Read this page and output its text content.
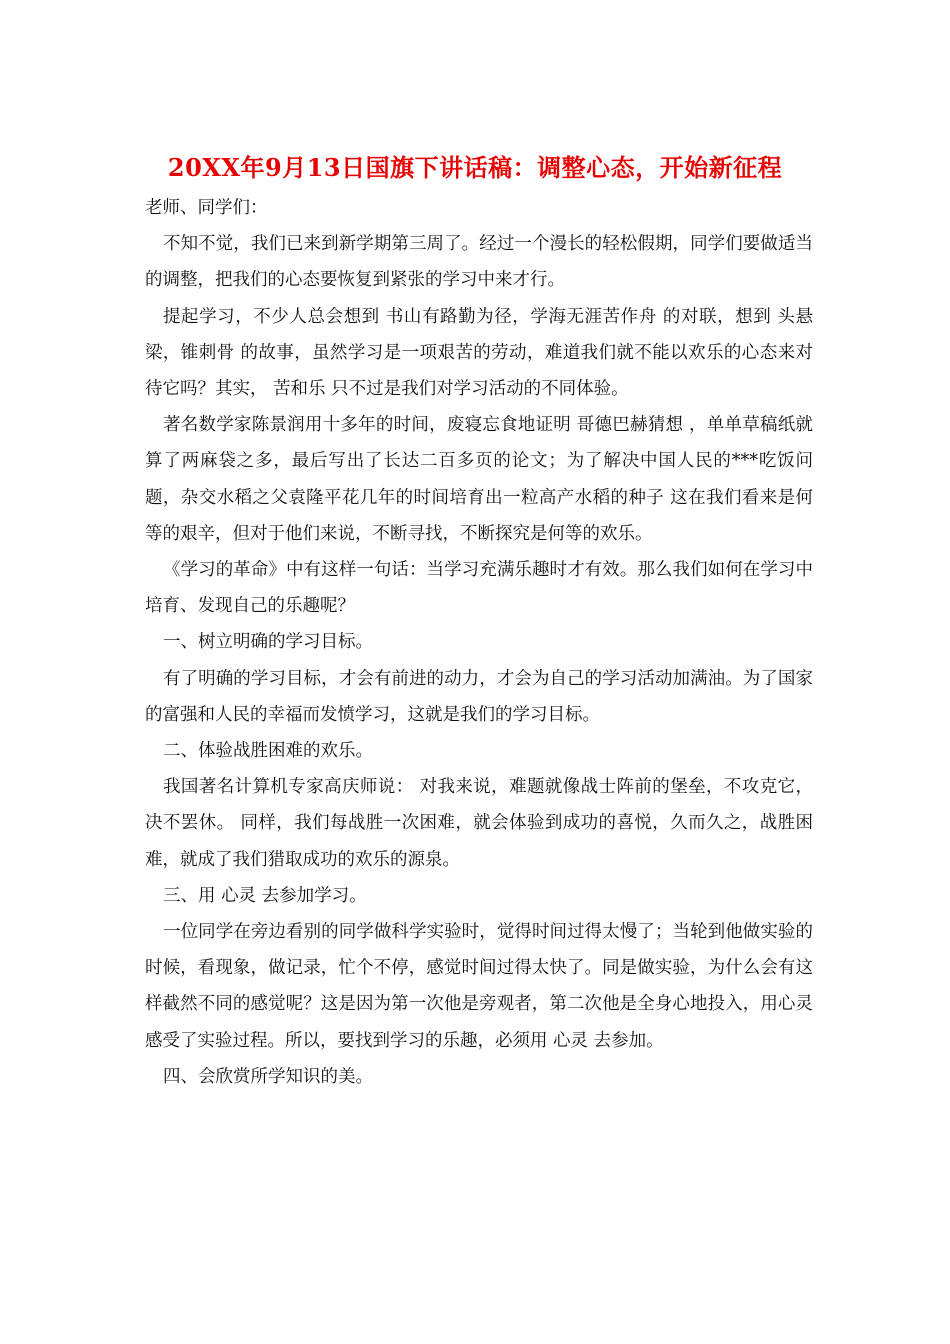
20XX年9月13日国旗下讲话稿：调整心态，开始新征程

老师、同学们：

不知不觉，我们已来到新学期第三周了。经过一个漫长的轻松假期，同学们要做适当的调整，把我们的心态要恢复到紧张的学习中来才行。

提起学习，不少人总会想到 书山有路勤为径，学海无涯苦作舟 的对联，想到 头悬梁，锥刺骨 的故事，虽然学习是一项艰苦的劳动，难道我们就不能以欢乐的心态来对待它吗？其实， 苦和乐 只不过是我们对学习活动的不同体验。

著名数学家陈景润用十多年的时间，废寝忘食地证明 哥德巴赫猜想 ，单单草稿纸就算了两麻袋之多，最后写出了长达二百多页的论文；为了解决中国人民的***吃饭问题，杂交水稻之父袁隆平花几年的时间培育出一粒高产水稻的种子 这在我们看来是何等的艰辛，但对于他们来说，不断寻找，不断探究是何等的欢乐。

《学习的革命》中有这样一句话：当学习充满乐趣时才有效。那么我们如何在学习中培育、发现自己的乐趣呢？

一、树立明确的学习目标。

有了明确的学习目标，才会有前进的动力，才会为自己的学习活动加满油。为了国家的富强和人民的幸福而发愤学习，这就是我们的学习目标。

二、体验战胜困难的欢乐。

我国著名计算机专家高庆师说： 对我来说，难题就像战士阵前的堡垒，不攻克它，决不罢休。 同样，我们每战胜一次困难，就会体验到成功的喜悦，久而久之，战胜困难，就成了我们猎取成功的欢乐的源泉。

三、用 心灵 去参加学习。

一位同学在旁边看别的同学做科学实验时，觉得时间过得太慢了；当轮到他做实验的时候，看现象，做记录，忙个不停，感觉时间过得太快了。同是做实验，为什么会有这样截然不同的感觉呢？这是因为第一次他是旁观者，第二次他是全身心地投入，用心灵感受了实验过程。所以，要找到学习的乐趣，必须用 心灵 去参加。

四、会欣赏所学知识的美。
